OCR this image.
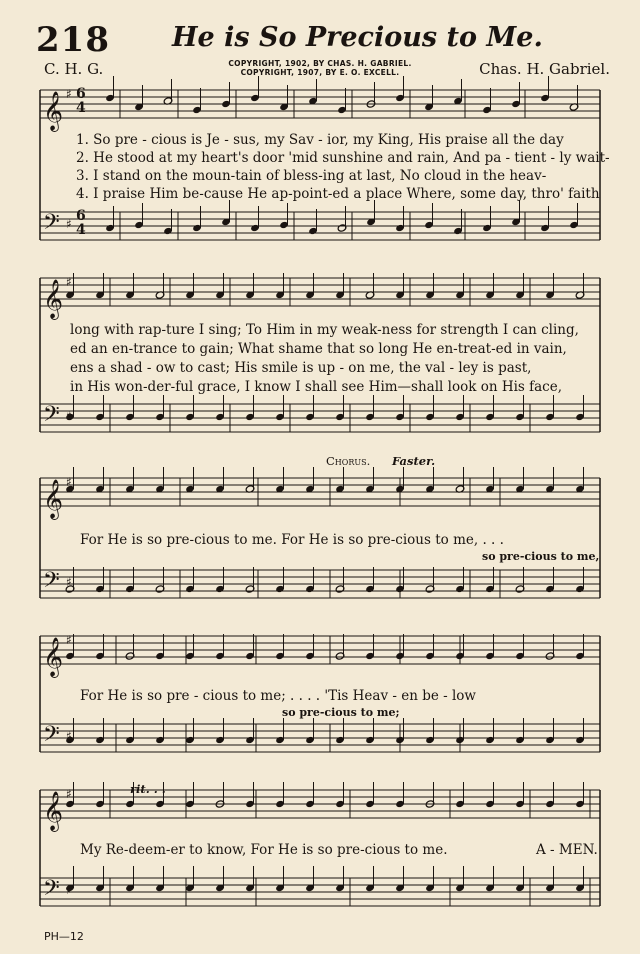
218 He is So Precious to Me.
C. H. G.	Chas. H. Gabriel.
COPYRIGHT, 1902, BY CHAS. H. GABRIEL.
COPYRIGHT, 1907, BY E. O. EXCELL.
𝄞
𝄢
♯
♯
𝄞
𝄢
♯
♯
𝄞
𝄢
♯
♯
𝄞
𝄢
♯
♯
𝄞
𝄢
♯
♯
6
4
6
4
1. So pre - cious is Je - sus, my Sav - ior, my King, His praise all the day
2. He stood at my heart's door 'mid sunshine and rain, And pa - tient - ly wait-
3. I stand on the moun-tain of bless-ing at last, No cloud in the heav-
4. I praise Him be-cause He ap-point-ed a place Where, some day, thro' faith
long with rap-ture I sing; To Him in my weak-ness for strength I can cling,
ed an en-trance to gain; What shame that so long He en-treat-ed in vain,
ens a shad - ow to cast; His smile is up - on me, the val - ley is past,
in His won-der-ful grace, I know I shall see Him—shall look on His face,
Chorus. Faster.
For He is so pre-cious to me. For He is so pre-cious to me, . . .
so pre-cious to me,
For He is so pre - cious to me; . . . . 'Tis Heav - en be - low
so pre-cious to me;
rit. . .
My Re-deem-er to know, For He is so pre-cious to me.	A - MEN.
PH—12
